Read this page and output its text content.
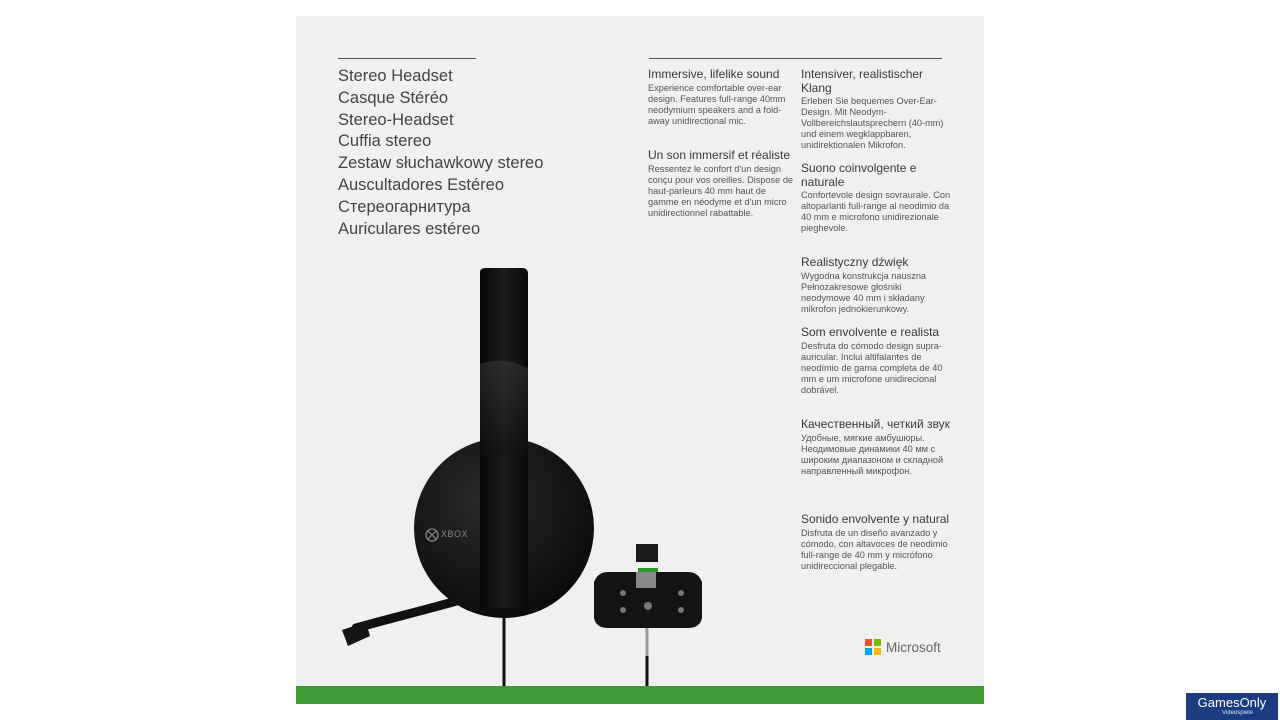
Stereo Headset
Casque Stéréo
Stereo-Headset
Cuffia stereo
Zestaw słuchawkowy stereo
Auscultadores Estéreo
Стереогарнитура
Auriculares estéreo
Immersive, lifelike sound

Experience comfortable over-ear design. Features full-range 40mm neodymium speakers and a fold-away unidirectional mic.

Un son immersif et réaliste

Ressentez le confort d'un design conçu pour vos oreilles. Dispose de haut-parleurs 40 mm haut de gamme en néodyme et d'un micro unidirectionnel rabattable.

Intensiver, realistischer Klang

Erleben Sie bequemes Over-Ear-Design. Mit Neodym-Vollbereichslautsprechern (40-mm) und einem wegklappbaren, unidirektionalen Mikrofon.

Suono coinvolgente e naturale

Confortevole design sovraurale. Con altoparlanti full-range al neodimio da 40 mm e microfono unidirezionale pieghevole.

Realistyczny dźwięk

Wygodna konstrukcja nauszna Pełnozakresowe głośniki neodymowe 40 mm i składany mikrofon jednokierunkowy.

Som envolvente e realista

Desfruta do cómodo design supra-auricular. Inclui altifalantes de neodímio de gama completa de 40 mm e um microfone unidirecional dobrável.

Качественный, четкий звук

Удобные, мягкие амбушюры. Неодимовые динамики 40 мм с широким диапазоном и складной направленный микрофон.

Sonido envolvente y natural

Disfruta de un diseño avanzado y cómodo, con altavoces de neodimio full-range de 40 mm y micrófono unidireccional plegable.

XBOX
Microsoft
GamesOnly
Videospiele
